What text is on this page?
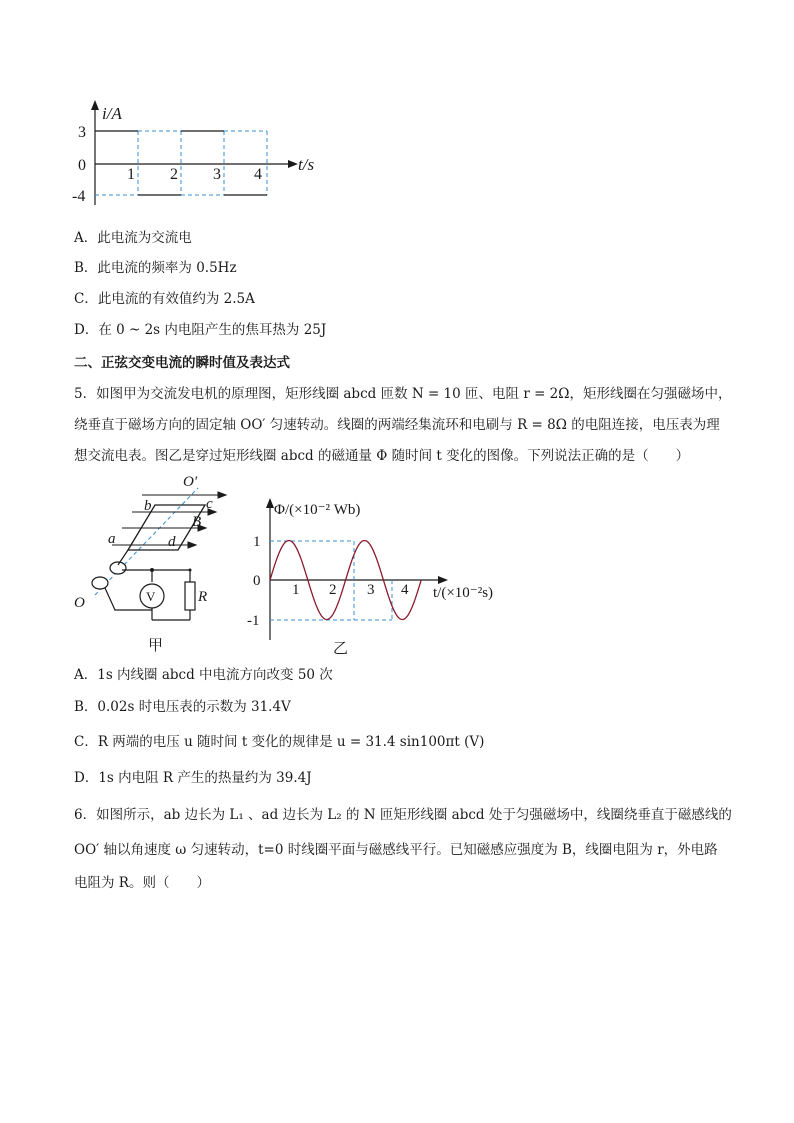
i/A
3
0
-4
1 2 3 4
t/s
A．此电流为交流电
B．此电流的频率为 0.5Hz
C．此电流的有效值约为 2.5A
D．在 0 ~ 2s 内电阻产生的焦耳热为 25J
二、正弦交变电流的瞬时值及表达式
5．如图甲为交流发电机的原理图，矩形线圈 abcd 匝数 N = 10 匝、电阻 r = 2Ω，矩形线圈在匀强磁场中，
绕垂直于磁场方向的固定轴 OO′ 匀速转动。线圈的两端经集流环和电刷与 R = 8Ω 的电阻连接，电压表为理
想交流电表。图乙是穿过矩形线圈 abcd 的磁通量 Φ 随时间 t 变化的图像。下列说法正确的是（　　）
O′
b	c
B
a	d
O	V	R
甲
Φ/(×10⁻² Wb)
1
0
-1
1 2 3 4 t/(×10⁻²s)
乙
A．1s 内线圈 abcd 中电流方向改变 50 次
B．0.02s 时电压表的示数为 31.4V
C．R 两端的电压 u 随时间 t 变化的规律是 u = 31.4 sin100πt (V)
D．1s 内电阻 R 产生的热量约为 39.4J
6．如图所示，ab 边长为 L₁ 、ad 边长为 L₂ 的 N 匝矩形线圈 abcd 处于匀强磁场中，线圈绕垂直于磁感线的
OO′ 轴以角速度 ω 匀速转动，t=0 时线圈平面与磁感线平行。已知磁感应强度为 B，线圈电阻为 r，外电路
电阻为 R。则（　　）
